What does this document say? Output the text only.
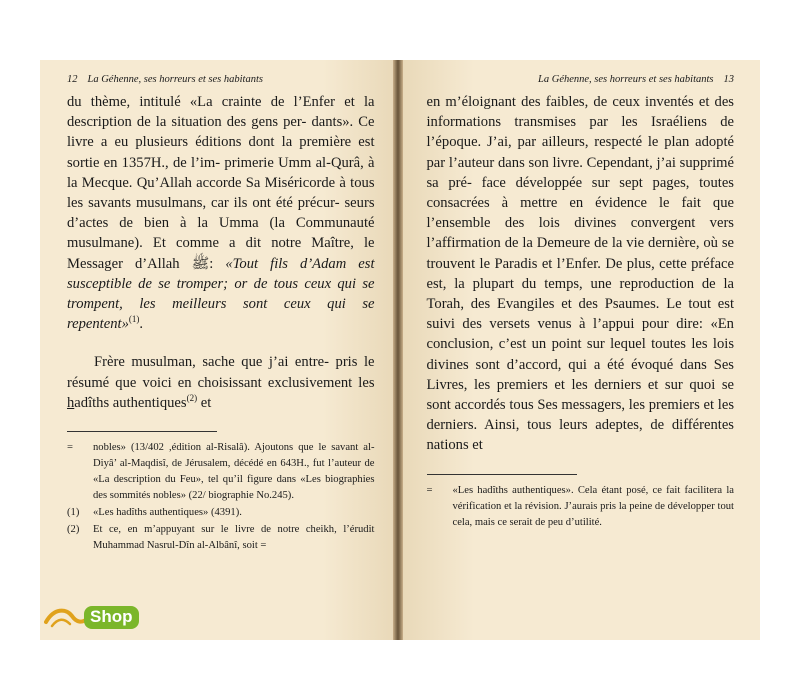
12 La Géhenne, ses horreurs et ses habitants

du thème, intitulé «La crainte de l’Enfer et la description de la situation des gens per- dants». Ce livre a eu plusieurs éditions dont la première est sortie en 1357H., de l’im- primerie Umm al-Qurâ, à la Mecque. Qu’Allah accorde Sa Miséricorde à tous les savants musulmans, car ils ont été précur- seurs d’actes de bien à la Umma (la Communauté musulmane). Et comme a dit notre Maître, le Messager d’Allah ﷺ: «Tout fils d’Adam est susceptible de se tromper; or de tous ceux qui se trompent, les meilleurs sont ceux qui se repentent»$^{(1)}$.

Frère musulman, sache que j’ai entre- pris le résumé que voici en choisissant exclusivement les hadîths authentiques$^{(2)}$ et

=	nobles» (13/402 ,édition al-Risalâ). Ajoutons que le savant al-Diyâ’ al-Maqdisî, de Jérusalem, décédé en 643H., fut l’auteur de «La description du Feu», tel qu’il figure dans «Les biographies des sommités nobles» (22/ biographie No.245).
(1)	«Les hadîths authentiques» (4391).
(2)	Et ce, en m’appuyant sur le livre de notre cheikh, l’érudit Muhammad Nasrul-Dîn al-Albânî, soit =
La Géhenne, ses horreurs et ses habitants 13

en m’éloignant des faibles, de ceux inventés et des informations transmises par les Israéliens de l’époque. J’ai, par ailleurs, respecté le plan adopté par l’auteur dans son livre. Cependant, j’ai supprimé sa pré- face développée sur sept pages, toutes consacrées à mettre en évidence le fait que l’ensemble des lois divines convergent vers l’affirmation de la Demeure de la vie dernière, où se trouvent le Paradis et l’Enfer. De plus, cette préface est, la plupart du temps, une reproduction de la Torah, des Evangiles et des Psaumes. Le tout est suivi des versets venus à l’appui pour dire: «En conclusion, c’est un point sur lequel toutes les lois divines sont d’accord, qui a été évoqué dans Ses Livres, les premiers et les derniers et sur quoi se sont accordés tous Ses messagers, les premiers et les derniers. Ainsi, tous leurs adeptes, de différentes nations et

=	«Les hadîths authentiques». Cela étant posé, ce fait facilitera la vérification et la révision. J’aurais pris la peine de développer tout cela, mais ce serait de peu d’utilité.
Shop
